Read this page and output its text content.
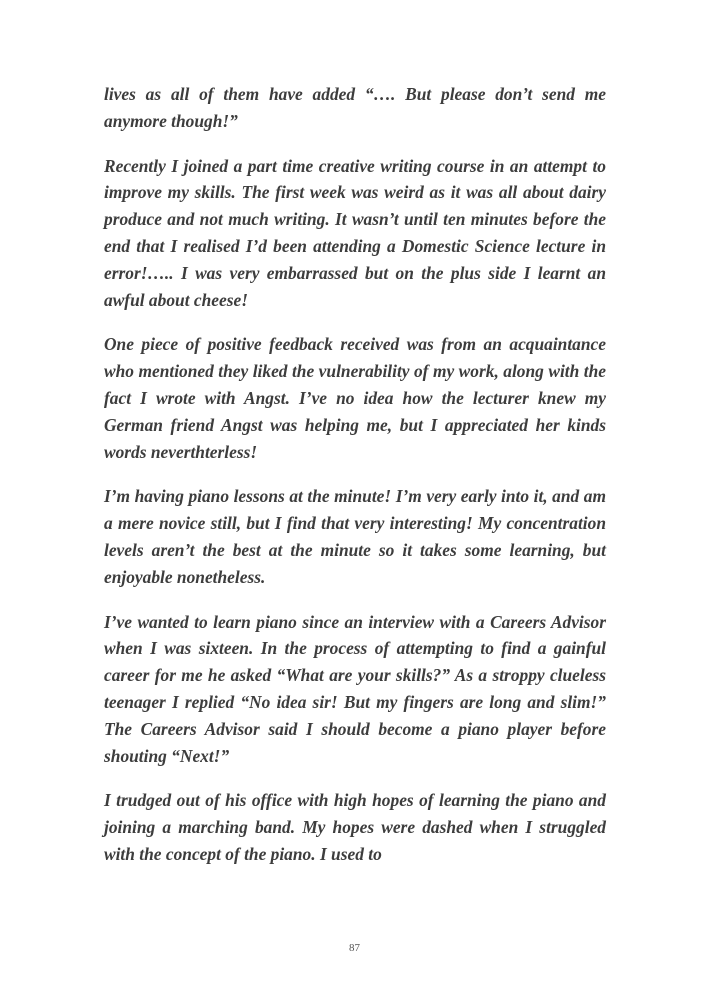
lives as all of them have added “…. But please don’t send me anymore though!”

Recently I joined a part time creative writing course in an attempt to improve my skills. The first week was weird as it was all about dairy produce and not much writing. It wasn’t until ten minutes before the end that I realised I’d been attending a Domestic Science lecture in error!….. I was very embarrassed but on the plus side I learnt an awful about cheese!

One piece of positive feedback received was from an acquaintance who mentioned they liked the vulnerability of my work, along with the fact I wrote with Angst. I’ve no idea how the lecturer knew my German friend Angst was helping me, but I appreciated her kinds words neverthterless!

I’m having piano lessons at the minute! I’m very early into it, and am a mere novice still, but I find that very interesting! My concentration levels aren’t the best at the minute so it takes some learning, but enjoyable nonetheless.

I’ve wanted to learn piano since an interview with a Careers Advisor when I was sixteen. In the process of attempting to find a gainful career for me he asked “What are your skills?” As a stroppy clueless teenager I replied “No idea sir! But my fingers are long and slim!” The Careers Advisor said I should become a piano player before shouting “Next!”

I trudged out of his office with high hopes of learning the piano and joining a marching band. My hopes were dashed when I struggled with the concept of the piano. I used to

87
